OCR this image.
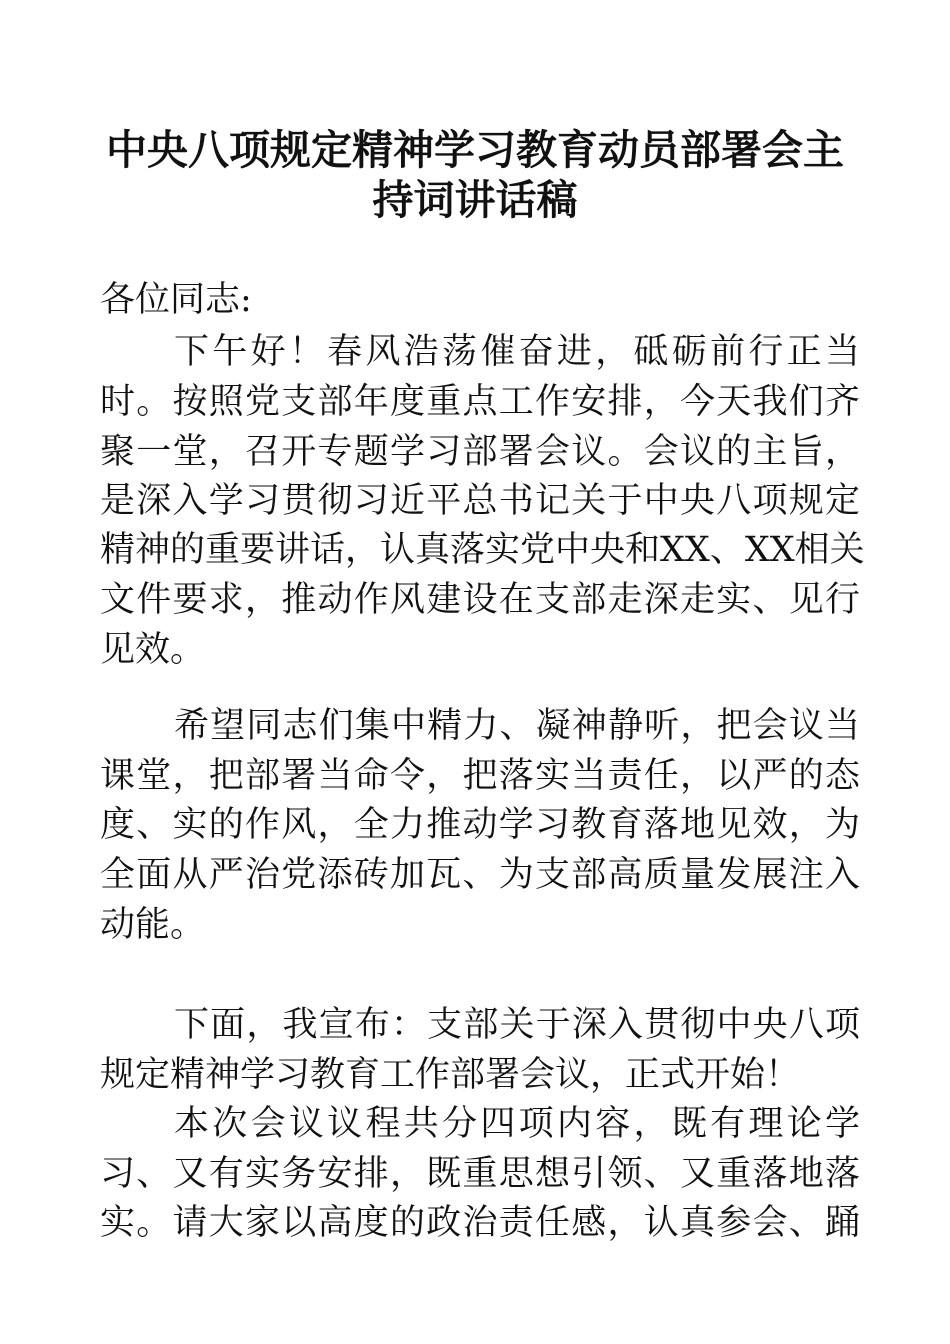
中央八项规定精神学习教育动员部署会主
持词讲话稿
各位同志:
下午好！春风浩荡催奋进，砥砺前行正当
时。按照党支部年度重点工作安排，今天我们齐
聚一堂，召开专题学习部署会议。会议的主旨，
是深入学习贯彻习近平总书记关于中央八项规定
精神的重要讲话，认真落实党中央和XX、XX相关
文件要求，推动作风建设在支部走深走实、见行
见效。
希望同志们集中精力、凝神静听，把会议当
课堂，把部署当命令，把落实当责任，以严的态
度、实的作风，全力推动学习教育落地见效，为
全面从严治党添砖加瓦、为支部高质量发展注入
动能。
下面，我宣布：支部关于深入贯彻中央八项
规定精神学习教育工作部署会议，正式开始！
本次会议议程共分四项内容，既有理论学
习、又有实务安排，既重思想引领、又重落地落
实。请大家以高度的政治责任感，认真参会、踊
